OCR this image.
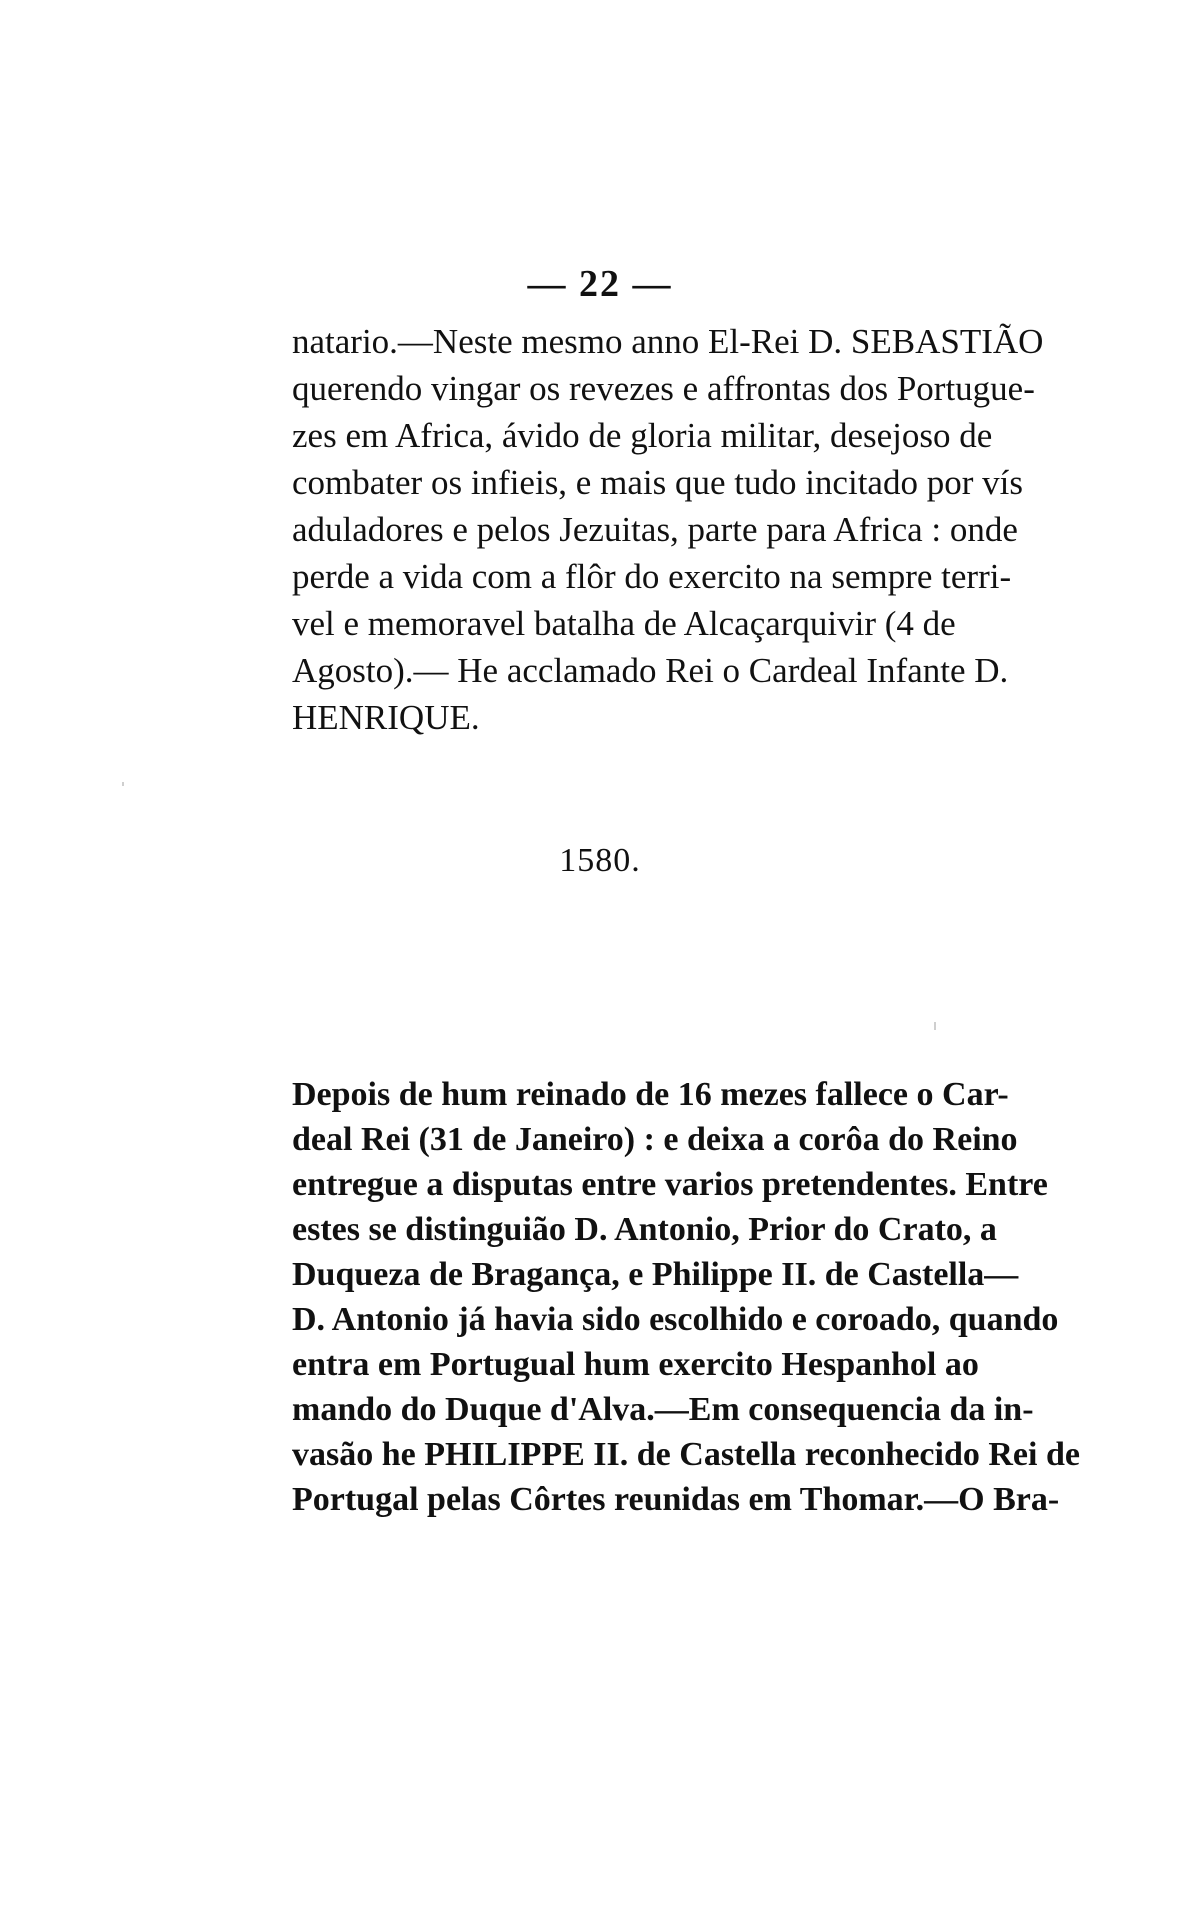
— 22 —
natario.—Neste mesmo anno El-Rei D. SEBASTIÃO
querendo vingar os revezes e affrontas dos Portugue-
zes em Africa, ávido de gloria militar, desejoso de
combater os infieis, e mais que tudo incitado por vís
aduladores e pelos Jezuitas, parte para Africa : onde
perde a vida com a flôr do exercito na sempre terri-
vel e memoravel batalha de Alcaçarquivir (4 de
Agosto).— He acclamado Rei o Cardeal Infante D.
HENRIQUE.
1580.
Depois de hum reinado de 16 mezes fallece o Car-
deal Rei (31 de Janeiro) : e deixa a corôa do Reino
entregue a disputas entre varios pretendentes. Entre
estes se distinguião D. Antonio, Prior do Crato, a
Duqueza de Bragança, e Philippe II. de Castella—
D. Antonio já havia sido escolhido e coroado, quando
entra em Portugual hum exercito Hespanhol ao
mando do Duque d'Alva.—Em consequencia da in-
vasão he PHILIPPE II. de Castella reconhecido Rei de
Portugal pelas Côrtes reunidas em Thomar.—O Bra-
